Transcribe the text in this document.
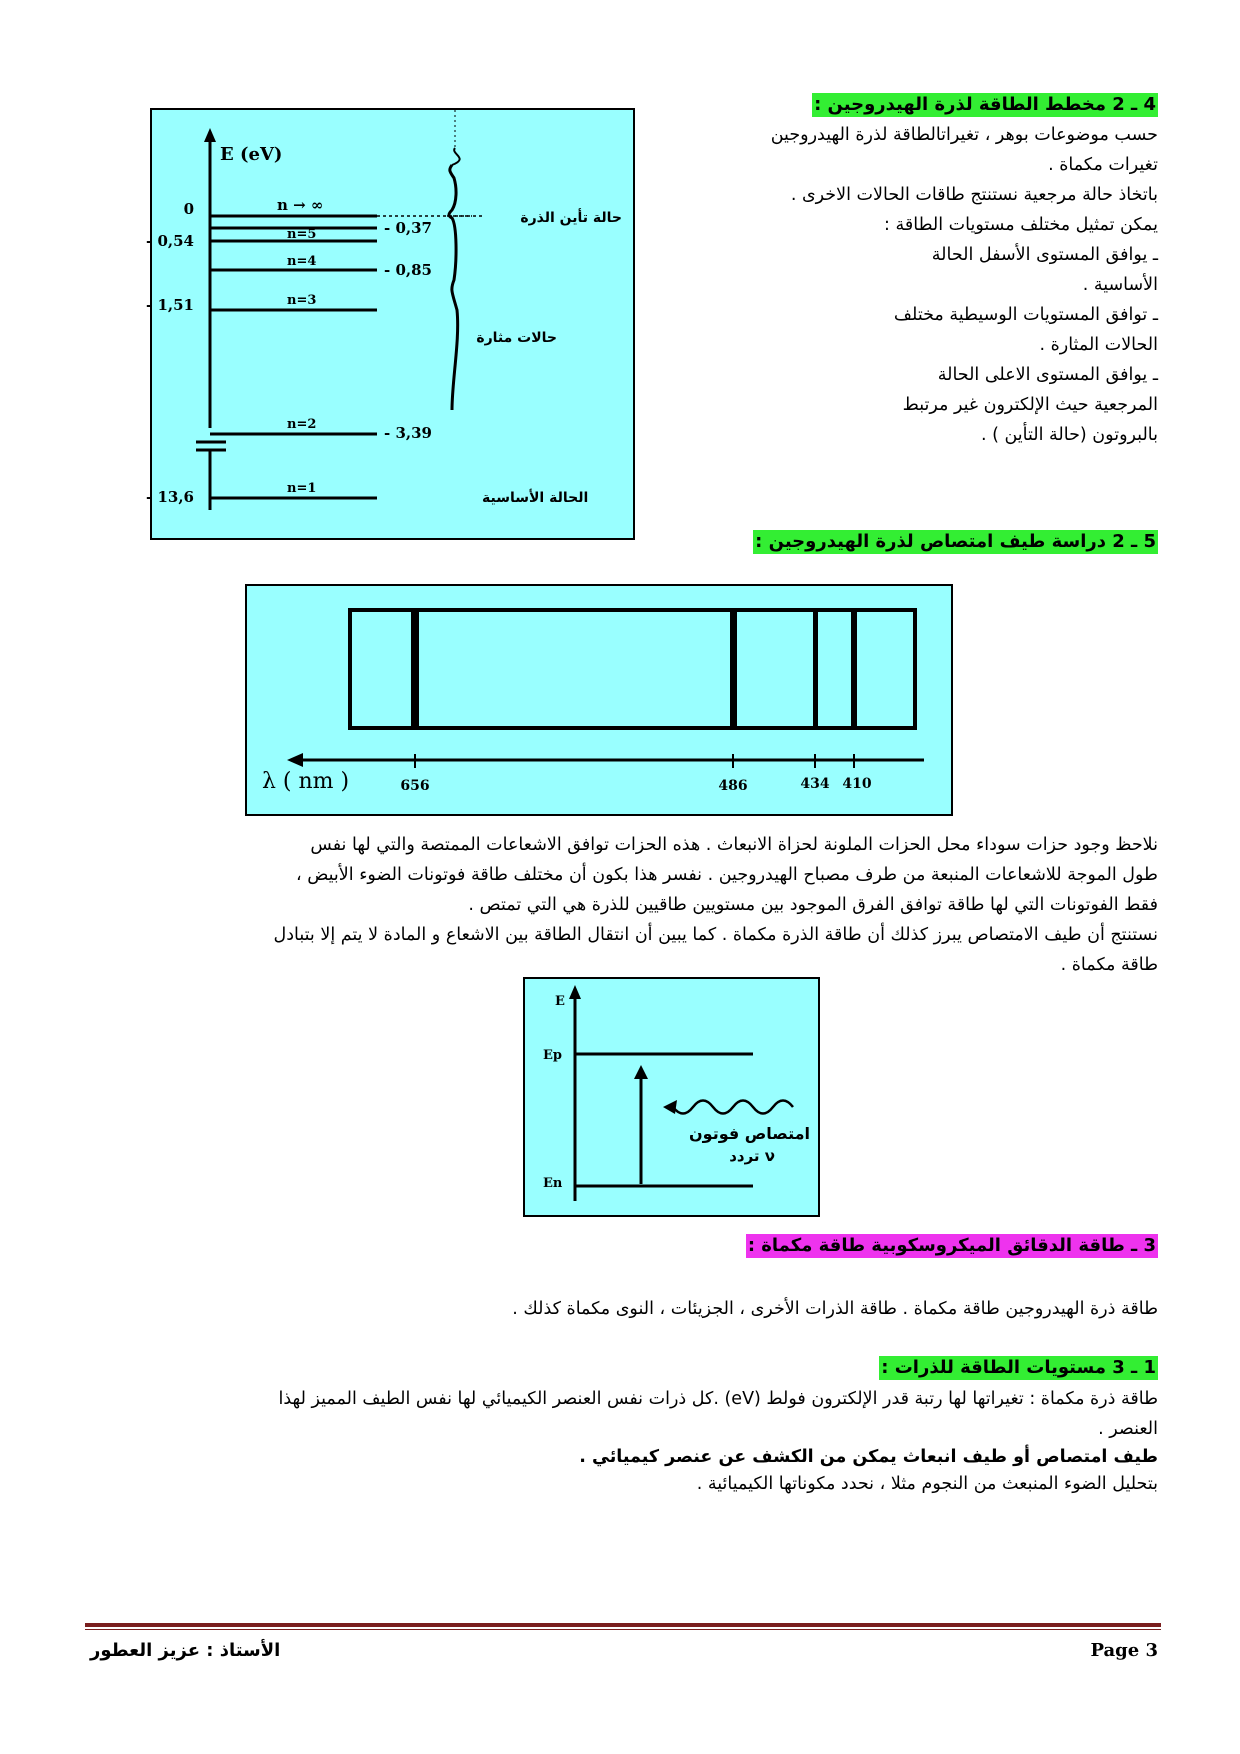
4 ـ 2 مخطط الطاقة لذرة الهيدروجين :

حسب موضوعات بوهر ، تغيراتالطاقة لذرة الهيدروجين

تغيرات مكماة .

باتخاذ حالة مرجعية نستنتج طاقات الحالات الاخرى .

يمكن تمثيل مختلف مستويات الطاقة :

ـ يوافق المستوى الأسفل الحالة

الأساسية .

ـ توافق المستويات الوسيطية مختلف

الحالات المثارة .

ـ يوافق المستوى الاعلى الحالة

المرجعية حيث الإلكترون غير مرتبط

بالبروتون (حالة التأين ) .

E (eV)
0
- 0,54
- 1,51
- 13,6
n → ∞
n=5
n=4
n=3
n=2
n=1
- 0,37
- 0,85
- 3,39
حالة تأين الذرة
حالات مثارة
الحالة الأساسية
5 ـ 2 دراسة طيف امتصاص لذرة الهيدروجين :
λ ( nm )	656	486	434 410

نلاحظ وجود حزات سوداء محل الحزات الملونة لحزاة الانبعاث . هذه الحزات توافق الاشعاعات الممتصة والتي لها نفس

طول الموجة للاشعاعات المنبعة من طرف مصباح الهيدروجين . نفسر هذا بكون أن مختلف طاقة فوتونات الضوء الأبيض ،

فقط الفوتونات التي لها طاقة توافق الفرق الموجود بين مستويين طاقيين للذرة هي التي تمتص .

نستنتج أن طيف الامتصاص يبرز كذلك أن طاقة الذرة مكماة . كما يبين أن انتقال الطاقة بين الاشعاع و المادة لا يتم إلا بتبادل

طاقة مكماة .

E
Ep
En
امتصاص فوتون
تردد ν
3 ـ طاقة الدقائق الميكروسكوبية طاقة مكماة :
طاقة ذرة الهيدروجين طاقة مكماة . طاقة الذرات الأخرى ، الجزيئات ، النوى مكماة كذلك .
1 ـ 3 مستويات الطاقة للذرات :

طاقة ذرة مكماة : تغيراتها لها رتبة قدر الإلكترون فولط (eV) .كل ذرات نفس العنصر الكيميائي لها نفس الطيف المميز لهذا

العنصر .

طيف امتصاص أو طيف انبعاث يمكن من الكشف عن عنصر كيميائي .

بتحليل الضوء المنبعث من النجوم مثلا ، نحدد مكوناتها الكيميائية .

الأستاذ : عزيز العطور	Page 3
